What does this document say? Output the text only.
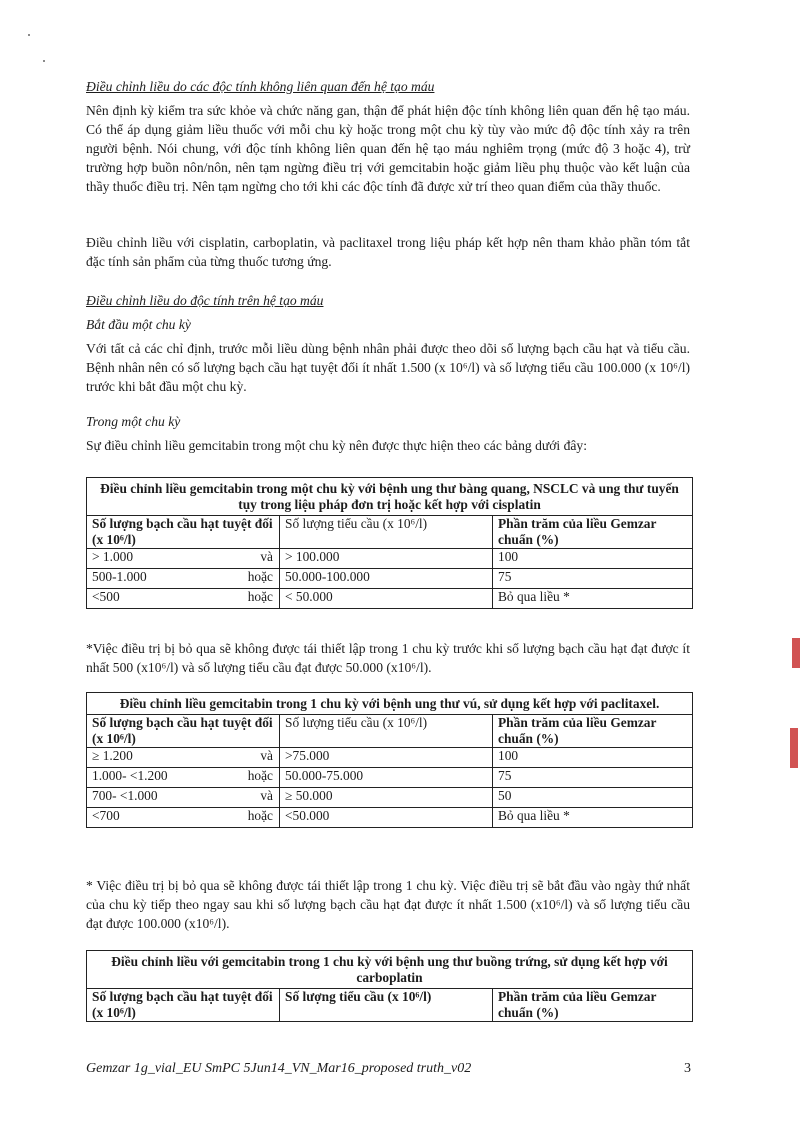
Điều chỉnh liều do các độc tính không liên quan đến hệ tạo máu

Nên định kỳ kiểm tra sức khỏe và chức năng gan, thận để phát hiện độc tính không liên quan đến hệ tạo máu. Có thể áp dụng giảm liều thuốc với mỗi chu kỳ hoặc trong một chu kỳ tùy vào mức độ độc tính xảy ra trên người bệnh. Nói chung, với độc tính không liên quan đến hệ tạo máu nghiêm trọng (mức độ 3 hoặc 4), trừ trường hợp buồn nôn/nôn, nên tạm ngừng điều trị với gemcitabin hoặc giảm liều phụ thuộc vào kết luận của thầy thuốc điều trị. Nên tạm ngừng cho tới khi các độc tính đã được xử trí theo quan điểm của thầy thuốc.

Điều chỉnh liều với cisplatin, carboplatin, và paclitaxel trong liệu pháp kết hợp nên tham khảo phần tóm tắt đặc tính sản phẩm của từng thuốc tương ứng.

Điều chỉnh liều do độc tính trên hệ tạo máu

Bắt đầu một chu kỳ

Với tất cả các chỉ định, trước mỗi liều dùng bệnh nhân phải được theo dõi số lượng bạch cầu hạt và tiểu cầu. Bệnh nhân nên có số lượng bạch cầu hạt tuyệt đối ít nhất 1.500 (x 10⁶/l) và số lượng tiểu cầu 100.000 (x 10⁶/l) trước khi bắt đầu một chu kỳ.

Trong một chu kỳ

Sự điều chỉnh liều gemcitabin trong một chu kỳ nên được thực hiện theo các bảng dưới đây:

Điều chỉnh liều gemcitabin trong một chu kỳ với bệnh ung thư bàng quang, NSCLC và ung thư tuyến tụy trong liệu pháp đơn trị hoặc kết hợp với cisplatin		
Số lượng bạch cầu hạt tuyệt đối (x 10⁶/l)	Số lượng tiểu cầu (x 10⁶/l)	Phần trăm của liều Gemzar chuẩn (%)
> 1.000 và	> 100.000	100
500-1.000 hoặc	50.000-100.000	75
<500 hoặc	< 50.000	Bỏ qua liều *

*Việc điều trị bị bỏ qua sẽ không được tái thiết lập trong 1 chu kỳ trước khi số lượng bạch cầu hạt đạt được ít nhất 500 (x10⁶/l) và số lượng tiểu cầu đạt được 50.000 (x10⁶/l).

Điều chỉnh liều gemcitabin trong 1 chu kỳ với bệnh ung thư vú, sử dụng kết hợp với paclitaxel.		
Số lượng bạch cầu hạt tuyệt đối (x 10⁶/l)	Số lượng tiểu cầu (x 10⁶/l)	Phần trăm của liều Gemzar chuẩn (%)
≥ 1.200 và	>75.000	100
1.000- <1.200 hoặc	50.000-75.000	75
700- <1.000 và	≥ 50.000	50
<700 hoặc	<50.000	Bỏ qua liều *

* Việc điều trị bị bỏ qua sẽ không được tái thiết lập trong 1 chu kỳ. Việc điều trị sẽ bắt đầu vào ngày thứ nhất của chu kỳ tiếp theo ngay sau khi số lượng bạch cầu hạt đạt được ít nhất 1.500 (x10⁶/l) và số lượng tiểu cầu đạt được 100.000 (x10⁶/l).

Điều chỉnh liều với gemcitabin trong 1 chu kỳ với bệnh ung thư buồng trứng, sử dụng kết hợp với carboplatin
Số lượng bạch cầu hạt tuyệt đối (x 10⁶/l)	Số lượng tiểu cầu (x 10⁶/l)	Phần trăm của liều Gemzar chuẩn (%)
Gemzar 1g_vial_EU SmPC 5Jun14_VN_Mar16_proposed truth_v02	3
